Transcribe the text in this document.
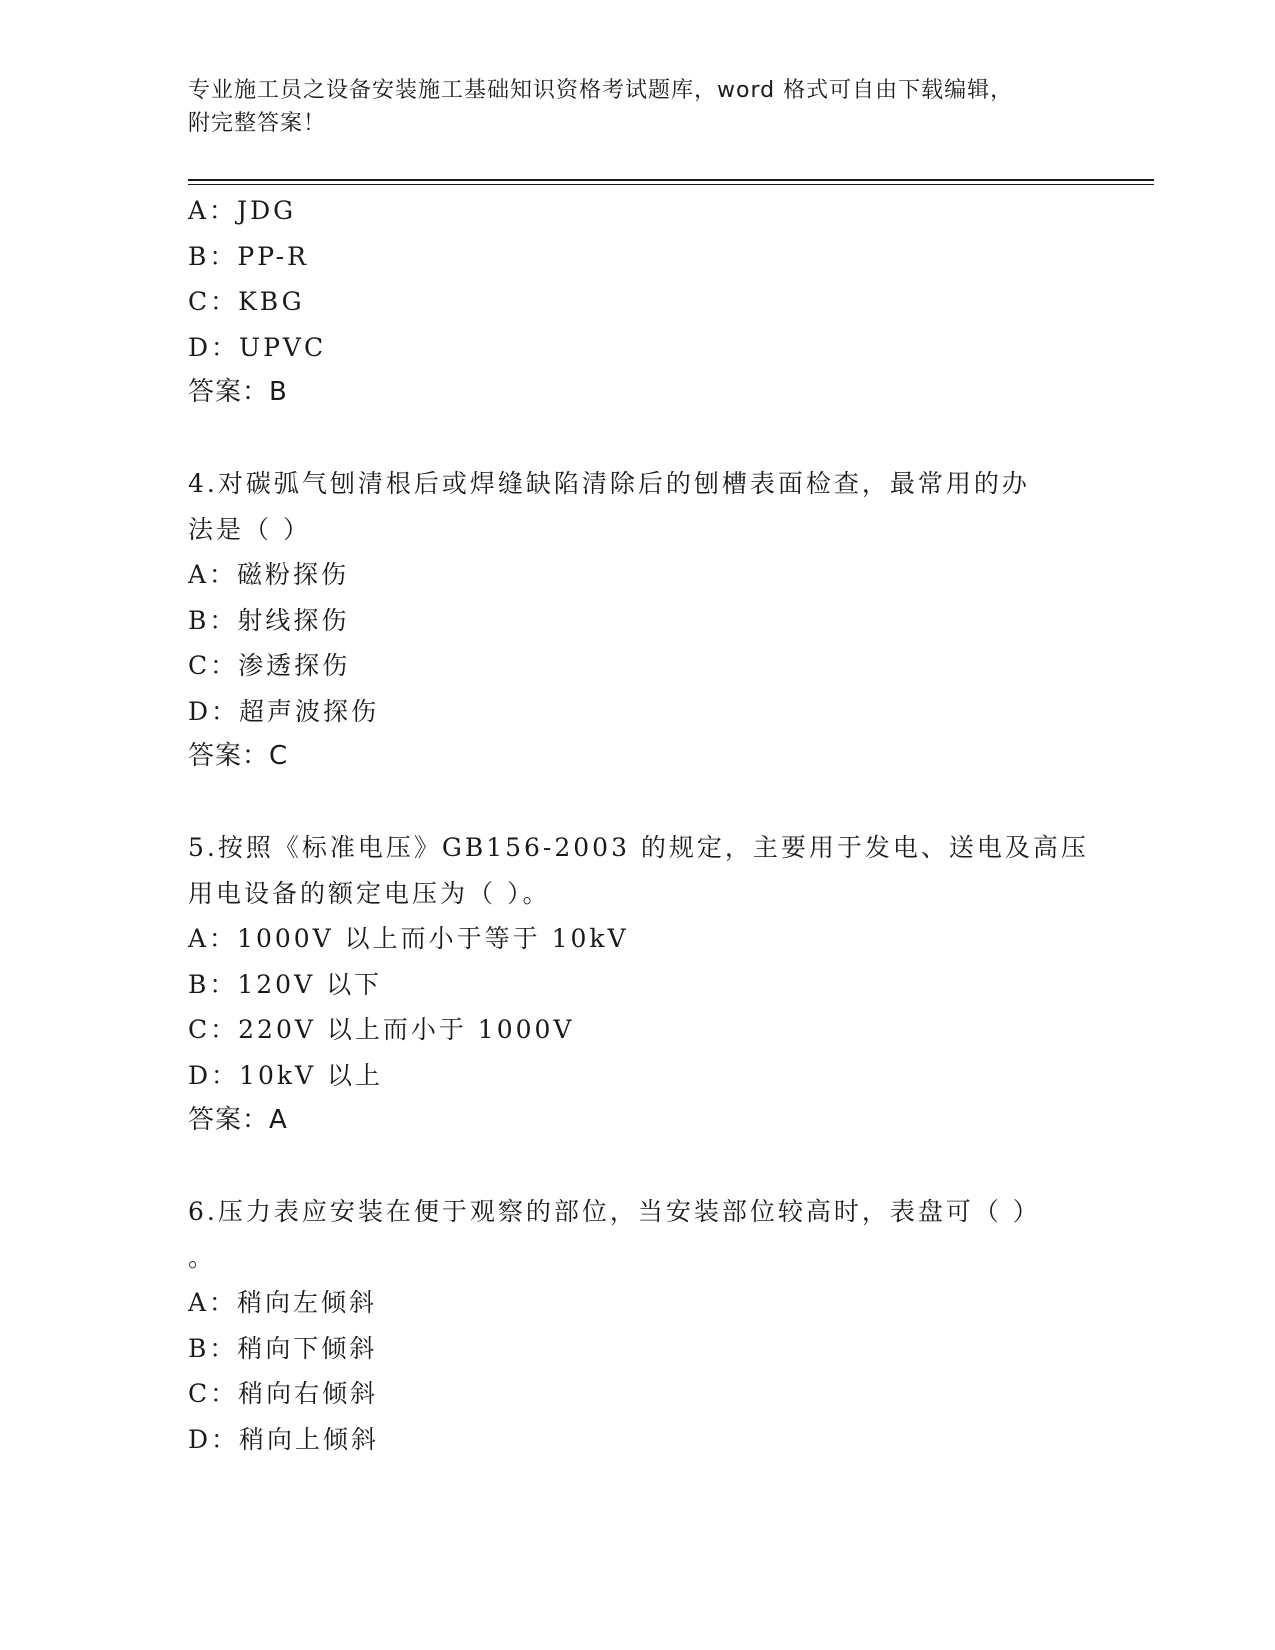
专业施工员之设备安装施工基础知识资格考试题库，word 格式可自由下载编辑，
附完整答案！
A：JDG
B：PP-R
C：KBG
D：UPVC
答案：B
4.对碳弧气刨清根后或焊缝缺陷清除后的刨槽表面检查，最常用的办
法是（ ）
A：磁粉探伤
B：射线探伤
C：渗透探伤
D：超声波探伤
答案：C
5.按照《标准电压》GB156-2003 的规定，主要用于发电、送电及高压
用电设备的额定电压为（ ）。
A：1000V 以上而小于等于 10kV
B：120V 以下
C：220V 以上而小于 1000V
D：10kV 以上
答案：A
6.压力表应安装在便于观察的部位，当安装部位较高时，表盘可（ ）
。
A：稍向左倾斜
B：稍向下倾斜
C：稍向右倾斜
D：稍向上倾斜
